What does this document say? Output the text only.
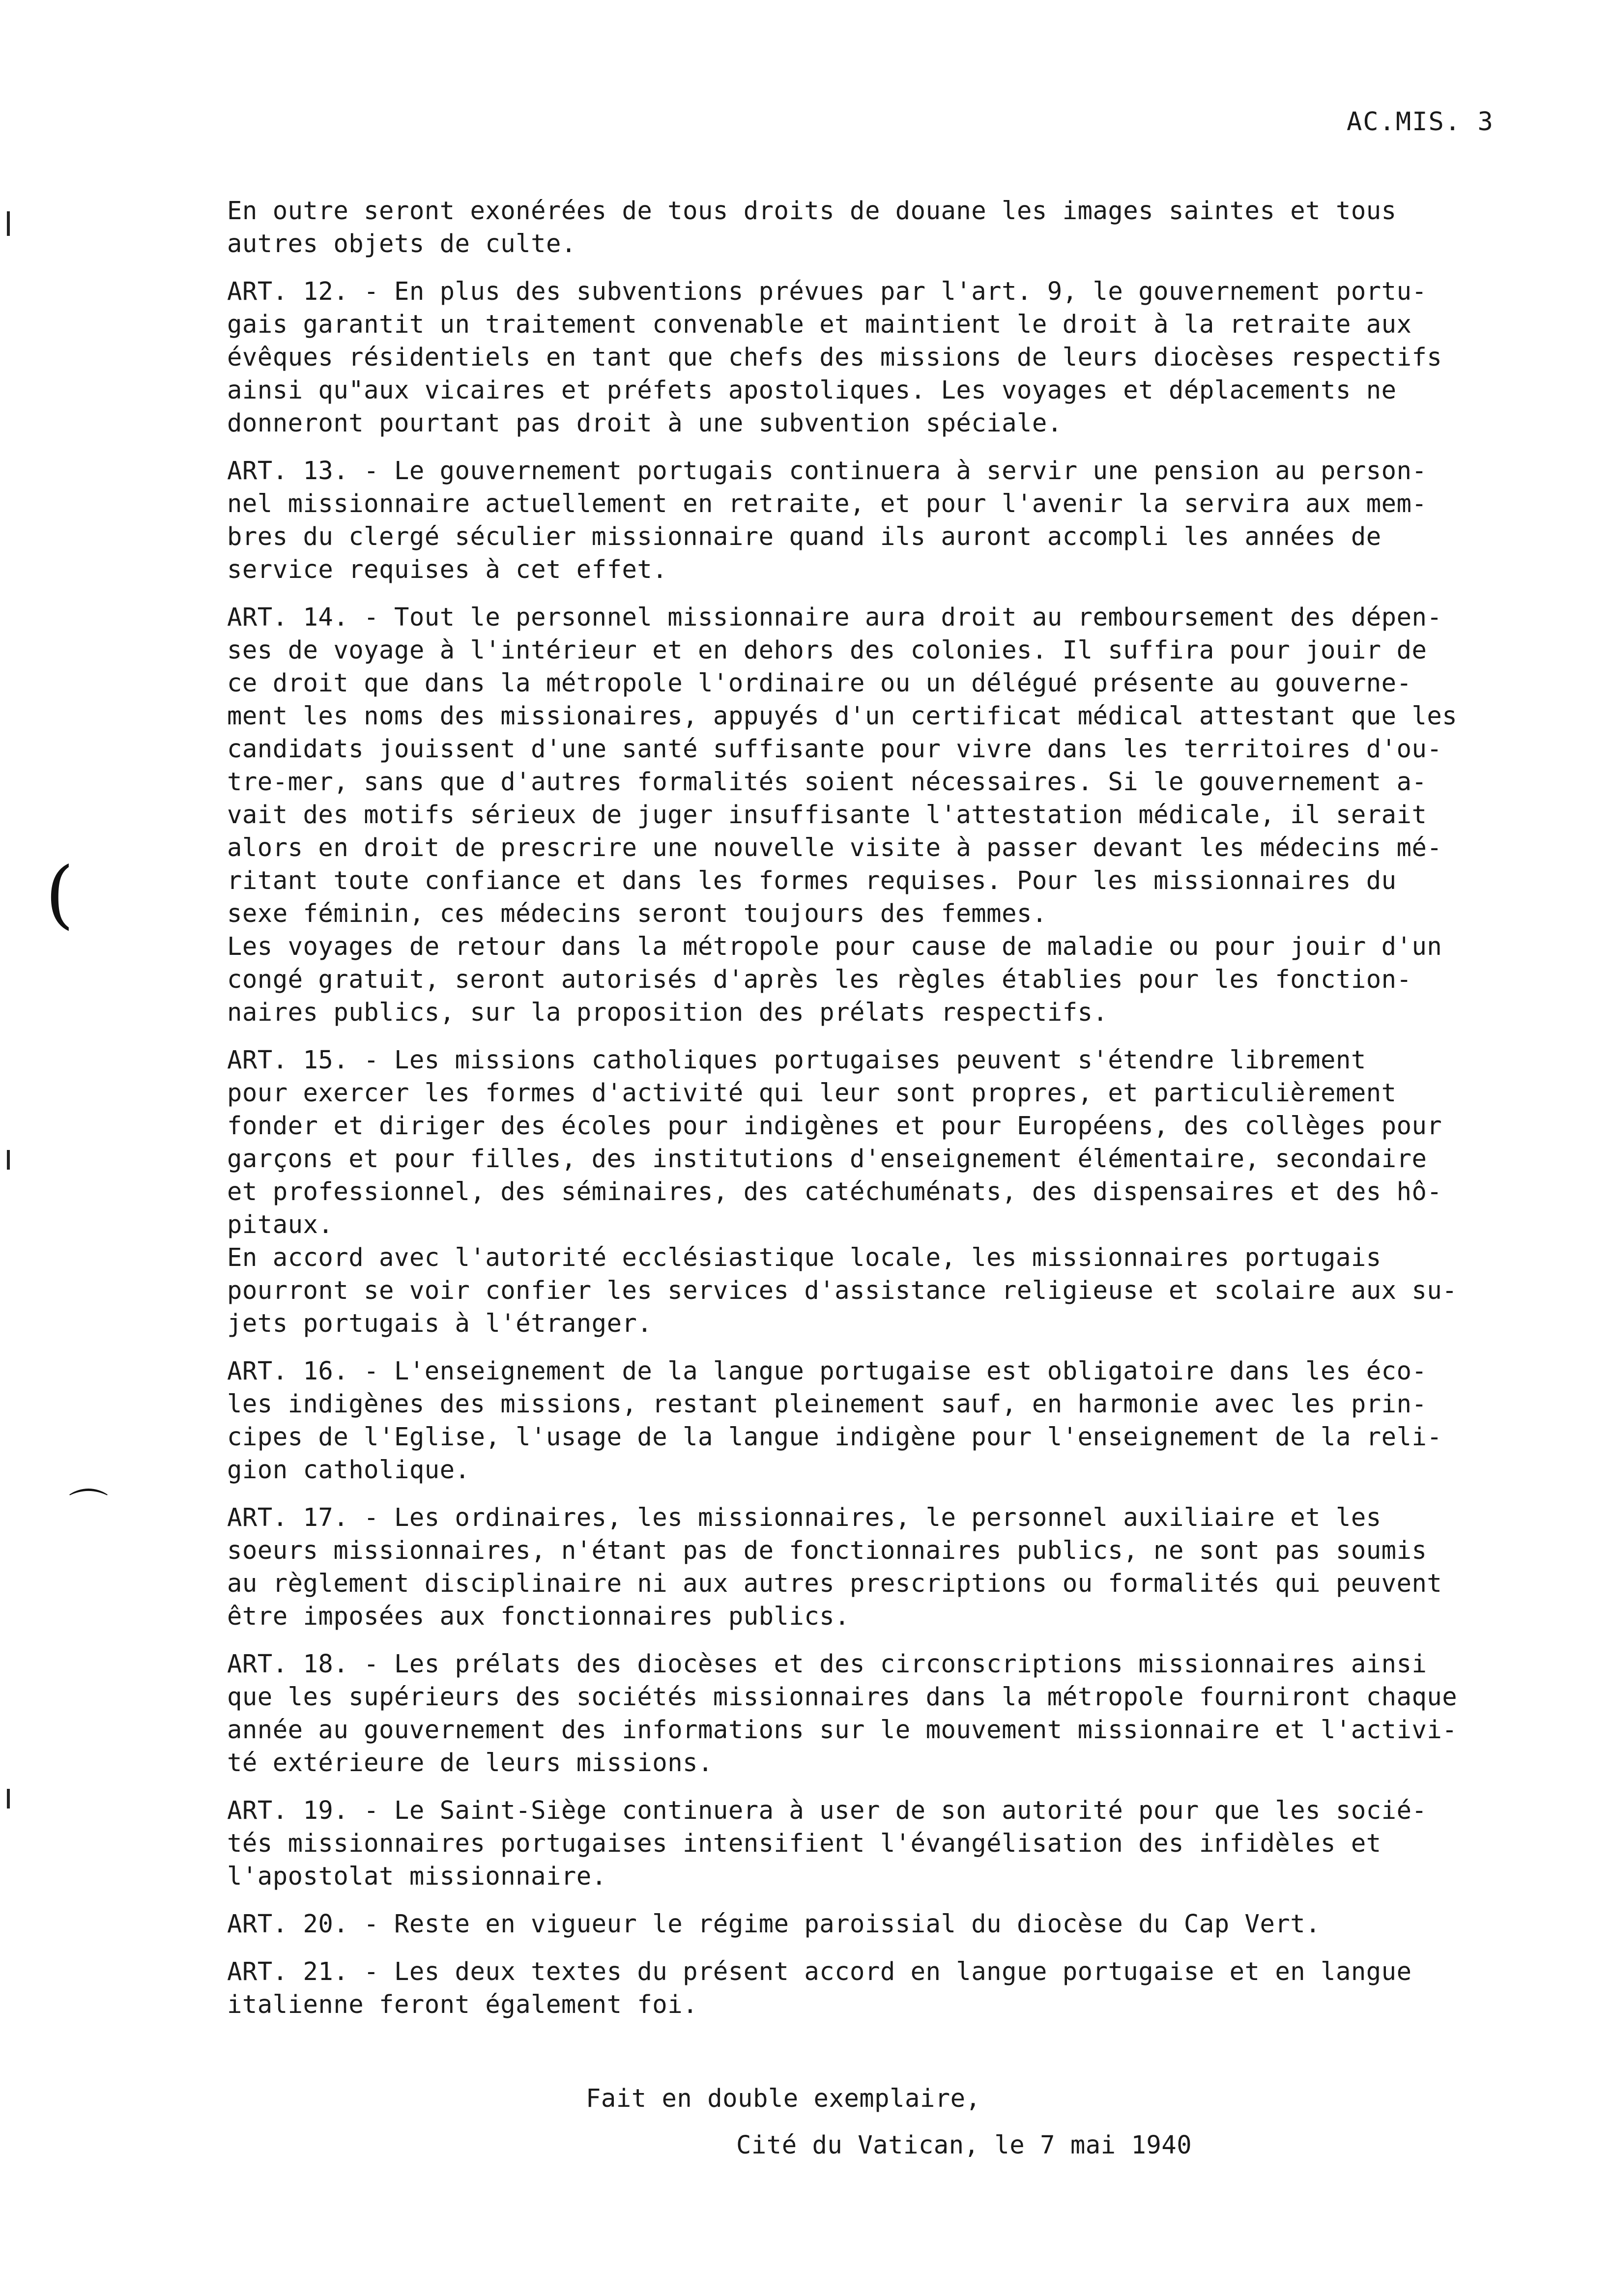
AC.MIS. 3
(
⌒
En outre seront exonérées de tous droits de douane les images saintes et tous
autres objets de culte.
ART. 12. - En plus des subventions prévues par l'art. 9, le gouvernement portu-
gais garantit un traitement convenable et maintient le droit à la retraite aux
évêques résidentiels en tant que chefs des missions de leurs diocèses respectifs
ainsi qu"aux vicaires et préfets apostoliques. Les voyages et déplacements ne
donneront pourtant pas droit à une subvention spéciale.
ART. 13. - Le gouvernement portugais continuera à servir une pension au person-
nel missionnaire actuellement en retraite, et pour l'avenir la servira aux mem-
bres du clergé séculier missionnaire quand ils auront accompli les années de
service requises à cet effet.
ART. 14. - Tout le personnel missionnaire aura droit au remboursement des dépen-
ses de voyage à l'intérieur et en dehors des colonies. Il suffira pour jouir de
ce droit que dans la métropole l'ordinaire ou un délégué présente au gouverne-
ment les noms des missionaires, appuyés d'un certificat médical attestant que les
candidats jouissent d'une santé suffisante pour vivre dans les territoires d'ou-
tre-mer, sans que d'autres formalités soient nécessaires. Si le gouvernement a-
vait des motifs sérieux de juger insuffisante l'attestation médicale, il serait
alors en droit de prescrire une nouvelle visite à passer devant les médecins mé-
ritant toute confiance et dans les formes requises. Pour les missionnaires du
sexe féminin, ces médecins seront toujours des femmes.
Les voyages de retour dans la métropole pour cause de maladie ou pour jouir d'un
congé gratuit, seront autorisés d'après les règles établies pour les fonction-
naires publics, sur la proposition des prélats respectifs.
ART. 15. - Les missions catholiques portugaises peuvent s'étendre librement
pour exercer les formes d'activité qui leur sont propres, et particulièrement
fonder et diriger des écoles pour indigènes et pour Européens, des collèges pour
garçons et pour filles, des institutions d'enseignement élémentaire, secondaire
et professionnel, des séminaires, des catéchuménats, des dispensaires et des hô-
pitaux.
En accord avec l'autorité ecclésiastique locale, les missionnaires portugais
pourront se voir confier les services d'assistance religieuse et scolaire aux su-
jets portugais à l'étranger.
ART. 16. - L'enseignement de la langue portugaise est obligatoire dans les éco-
les indigènes des missions, restant pleinement sauf, en harmonie avec les prin-
cipes de l'Eglise, l'usage de la langue indigène pour l'enseignement de la reli-
gion catholique.
ART. 17. - Les ordinaires, les missionnaires, le personnel auxiliaire et les
soeurs missionnaires, n'étant pas de fonctionnaires publics, ne sont pas soumis
au règlement disciplinaire ni aux autres prescriptions ou formalités qui peuvent
être imposées aux fonctionnaires publics.
ART. 18. - Les prélats des diocèses et des circonscriptions missionnaires ainsi
que les supérieurs des sociétés missionnaires dans la métropole fourniront chaque
année au gouvernement des informations sur le mouvement missionnaire et l'activi-
té extérieure de leurs missions.
ART. 19. - Le Saint-Siège continuera à user de son autorité pour que les socié-
tés missionnaires portugaises intensifient l'évangélisation des infidèles et
l'apostolat missionnaire.
ART. 20. - Reste en vigueur le régime paroissial du diocèse du Cap Vert.
ART. 21. - Les deux textes du présent accord en langue portugaise et en langue
italienne feront également foi.
Fait en double exemplaire,
Cité du Vatican, le 7 mai 1940
